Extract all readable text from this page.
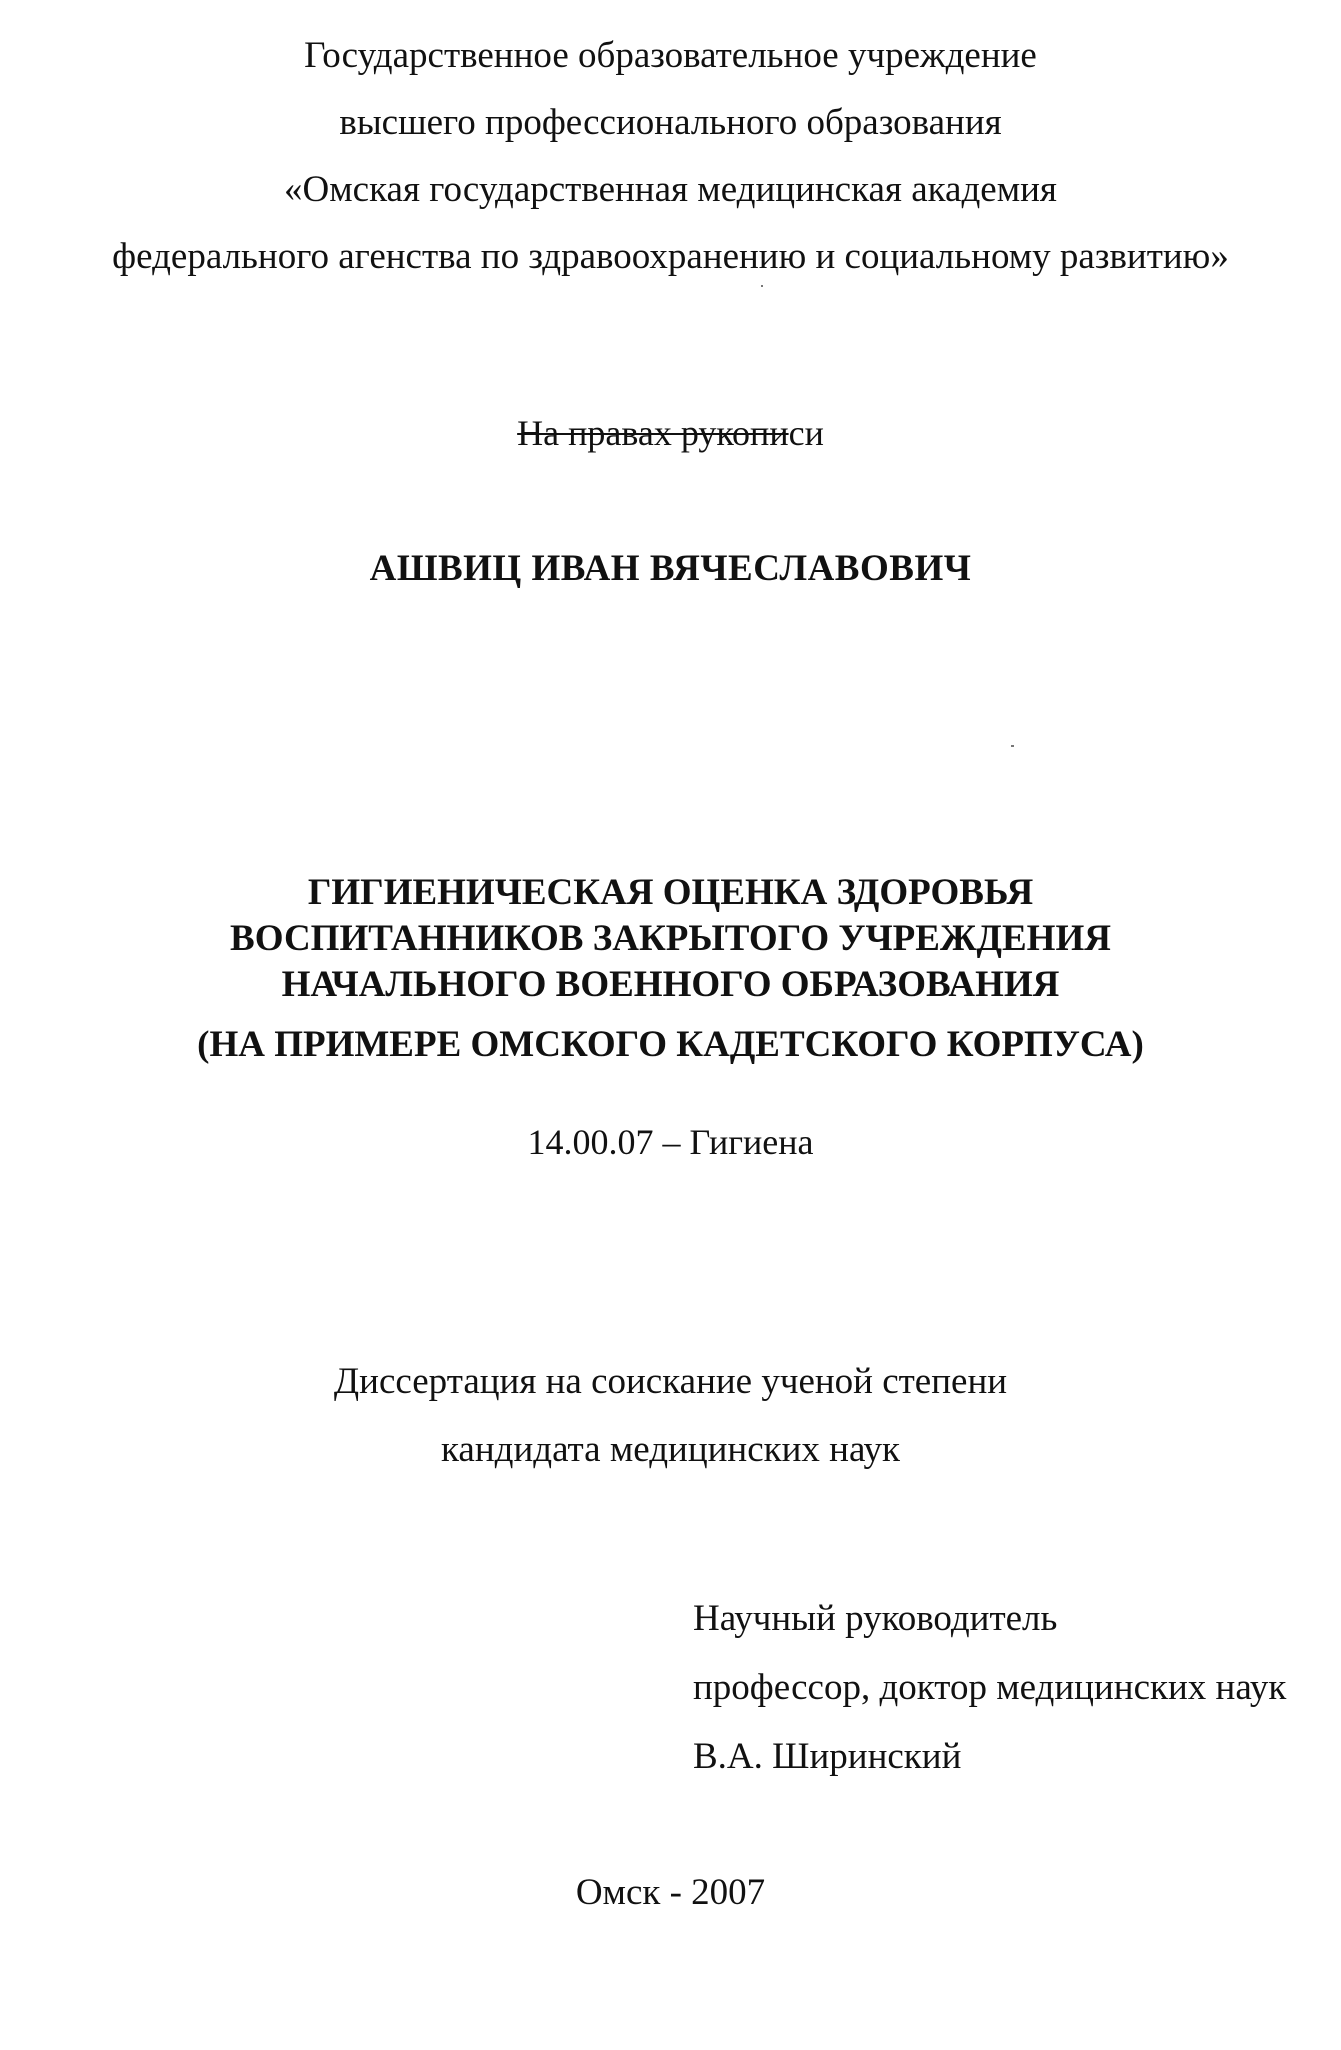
Государственное образовательное учреждение
высшего профессионального образования
«Омская государственная медицинская академия
федерального агенства по здравоохранению и социальному развитию»
На правах рукописи
АШВИЦ ИВАН ВЯЧЕСЛАВОВИЧ
ГИГИЕНИЧЕСКАЯ ОЦЕНКА ЗДОРОВЬЯ
ВОСПИТАННИКОВ ЗАКРЫТОГО УЧРЕЖДЕНИЯ
НАЧАЛЬНОГО ВОЕННОГО ОБРАЗОВАНИЯ
(НА ПРИМЕРЕ ОМСКОГО КАДЕТСКОГО КОРПУСА)
14.00.07 – Гигиена
Диссертация на соискание ученой степени
кандидата медицинских наук
Научный руководитель
профессор, доктор медицинских наук
В.А. Ширинский
Омск - 2007
